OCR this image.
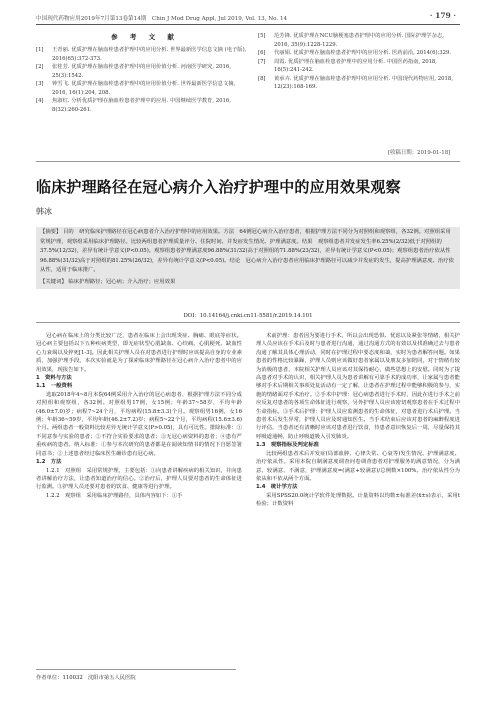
中国现代药物应用2019年7月第13卷第14期　Chin J Mod Drug Appl, Jul 2019, Vol. 13, No. 14	· 179 ·
参 考 文 献
[1]	王青丽. 优质护理在脑血栓患者护理中的应用分析. 世界最新医学信息文摘 (电子版), 2016(65):372-373.
[2]	张桂芳. 优质护理在脑血栓患者护理中的应用价值分析. 河南医学研究, 2016, 25(3):1542.
[3]	钟雪飞. 优质护理在脑血栓患者护理中的应用价值分析. 世界最新医学信息文摘, 2016, 16(1):204, 208.
[4]	焦淑红. 分析优质护理在脑血栓患者护理中的应用. 中国继续医学教育, 2016, 8(32):260-261.
[5]	范芳锋. 优质护理在NCU脑梗塞患者护理中的应用分析. 国际护理学杂志, 2016, 35(9):1228-1229.
[6]	代丽娟. 优质护理在脑血栓患者护理中的应用分析. 医药前沿, 2014(6):329.
[7]	周霞. 优质护理在脑血栓患者护理中的应用分析. 中国医药指南, 2018, 16(5):241-242.
[8]	黄承卉. 优质护理在脑血栓患者护理中的应用分析. 中国现代药物应用, 2018, 12(23):168-169.
[收稿日期：2019-01-18]
临床护理路径在冠心病介入治疗护理中的应用效果观察
韩冰

【摘要】 目的　研究临床护理路径在冠心病患者介入治疗护理中的应用效果。方法　64例冠心病介入治疗患者，根据护理方法不同分为对照组和观察组，各32例。对照组采用常规护理，观察组采用临床护理路径。比较两组患者护理质量评分、住院时间、并发症发生情况、护理满意度。结果　观察组患者并发症发生率6.25%(2/32)低于对照组的37.5%(12/32)，差异有统计学意义(P<0.05)。观察组患者护理满意度96.88%(31/32)高于对照组的71.88%(23/32)，差异有统计学意义(P<0.05)；观察组患者治疗依从性96.88%(31/32)高于对照组的81.25%(26/32)，差异有统计学意义(P<0.05)。结论　冠心病介入治疗患者应用临床护理路径可以减少并发症的发生，提高护理满意度、治疗依从性，适用于临床推广。

【关键词】 临床护理路径；冠心病；介入治疗；应用效果

DOI：10.14164/j.cnki.cn11-5581/r.2019.14.101

冠心病在临床上的分类比较广泛，患者在临床上会出现炎症、胸痛、眼底等症状。冠心病主要包括以下五种疾病类型，即无症状型心肌缺血、心绞痛、心肌梗死、缺血性心力衰竭以及猝死[1-3]。因此相关护理人员在对患者进行护理时应该提高自身的专业素质，加强护理手段。本次实验就是为了探索临床护理路径在冠心病介入治疗患者中的应用效果，现报告如下。

1　资料与方法

1.1　一般资料

选取2018年4~8月本院64例采用介入治疗的冠心病患者，根据护理方法不同分成对照组和观察组，各32例。对照组男17例，女15例；年龄37~58岁，平均年龄(46.0±7.0)岁；病程7~24个月，平均病程(15.8±3.3)个月。观察组男16例，女16例；年龄36~59岁，平均年龄(46.2±7.2)岁；病程5~22个月，平均病程(15.6±3.6)个月。两组患者一般资料比较差异无统计学意义(P>0.05)，具有可比性。排除标准：①不同意参与实验的患者；②不符合实验要求的患者；③无冠心病资料的患者；④患有严重疾病的患者。纳入标准：①参与本次研究的患者都是在阅读知情书的情况下自愿签署同意书；②上述患者经过临床医生确诊患有冠心病。

1.2　方法

1.2.1　对照组　采用常规护理，主要包括：①向患者讲解疾病的相关知识，并向患者讲解治疗方法，让患者知道治疗的信心。②治疗后，护理人员要对患者的生命体征进行监测。③护理人员还要对患者的饮食、健康等进行护理。

1.2.2　观察组　采用临床护理路径，具体内容如下：①手

术前护理：患者因为要进行手术，所以会出现恐惧、忧虑以及紧张等情绪，相关护理人员应该在手术后及时与患者进行沟通，通过沟通方式的有效以及找准确过去与患者沟通了解其具体心理活动，同时在护理过程中要态度和蔼，实时为患者解答问题。如果患者的性格比较暴躁，护理人员则应该做好患者家属以及朋友多加陪同，对于情绪有较为消极的患者，本院相关护理人员应该对其保持耐心，做些思想上的安慰。同时为了提高患者对手术的认识，相关护理人员为患者讲解有可靠手术的成功率，让家属与患者能够对手术后期相关事项处复活动有一定了解，让患者在护理过程中能够积极的参与，实施的情绪面对手术治疗。②手术中护理：冠心病患者进行手术时，因此在进行手术之前应反复对患者的各项生命体征进行观察，另外护理人员应该密切观察患者在手术过程中生命指标。③手术后护理：护理人员应监测患者的生命体征，对患者进行术后护理。当患者术后发生异常，护理人员应及时通知医生。当手术结束后应该对患者的麻醉程度进行评估，当患者还有清晰时应该对患者进行饮食，待患者意识恢复后一周，尽量保持其呼吸道通畅，防止呼吸道吸入引发肺炎。

1.3　观察指标及判定标准

比较两组患者术后并发症(局部血肿、心律失常、心衰等)发生情况、护理满意度、治疗依从性。采用本院自制满意度调查问卷调查患者对护理服务的满意情况，分为满意、较满意、不满意，护理满意度=(满意+较满意)/总例数×100%。治疗依从性分为依从和不依从两个方面。

1.4　统计学方法

采用SPSS20.0统计学软件处理数据。计量资料以均数±标准差(x̄±s)表示，采用t检验；计数资料

作者单位：110032　沈阳市第五人民医院
